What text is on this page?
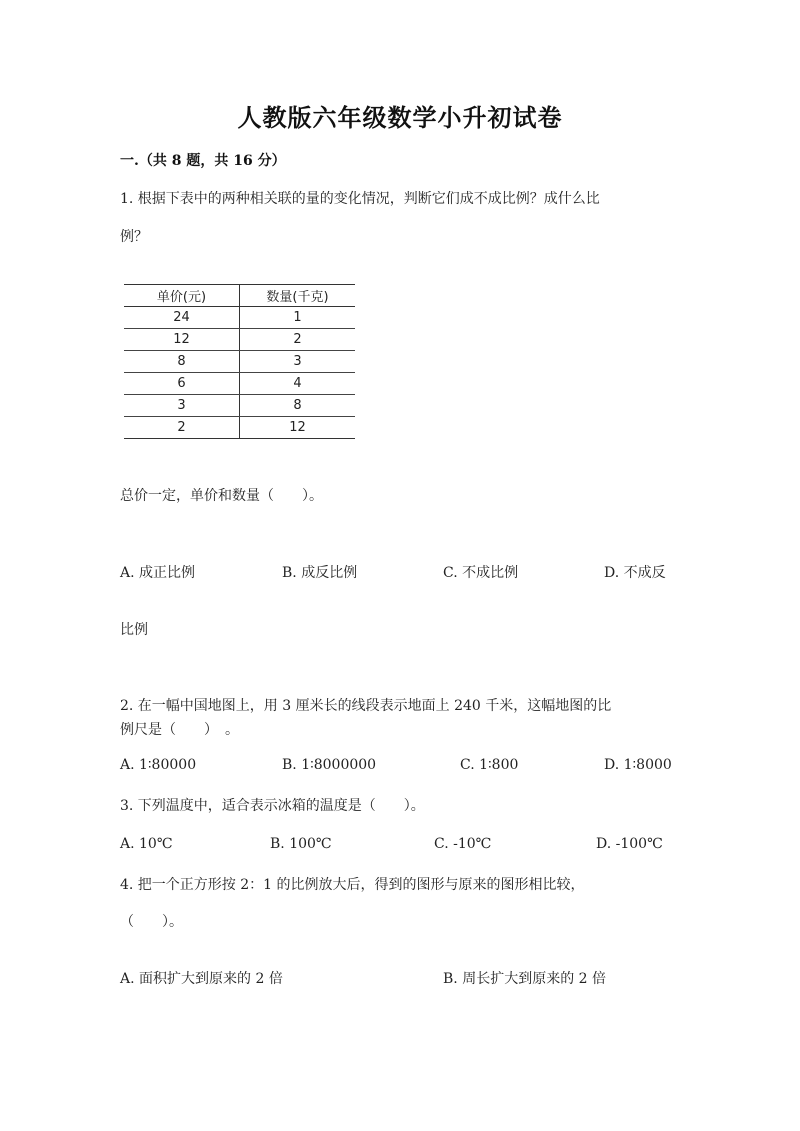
人教版六年级数学小升初试卷
一.（共 8 题，共 16 分）
1. 根据下表中的两种相关联的量的变化情况，判断它们成不成比例？成什么比
例？
单价(元)	数量(千克)
24	1
12	2
8	3
6	4
3	8
2	12
总价一定，单价和数量（　　）。
A. 成正比例	B. 成反比例	C. 不成比例	D. 不成反
比例
2. 在一幅中国地图上，用 3 厘米长的线段表示地面上 240 千米，这幅地图的比
例尺是（　　）　。
A. 1∶80000	B. 1∶8000000	C. 1∶800	D. 1∶8000
3. 下列温度中，适合表示冰箱的温度是（　　）。
A. 10℃	B. 100℃	C. -10℃	D. -100℃
4. 把一个正方形按 2：1 的比例放大后，得到的图形与原来的图形相比较，
（　　）。
A. 面积扩大到原来的 2 倍	B. 周长扩大到原来的 2 倍
